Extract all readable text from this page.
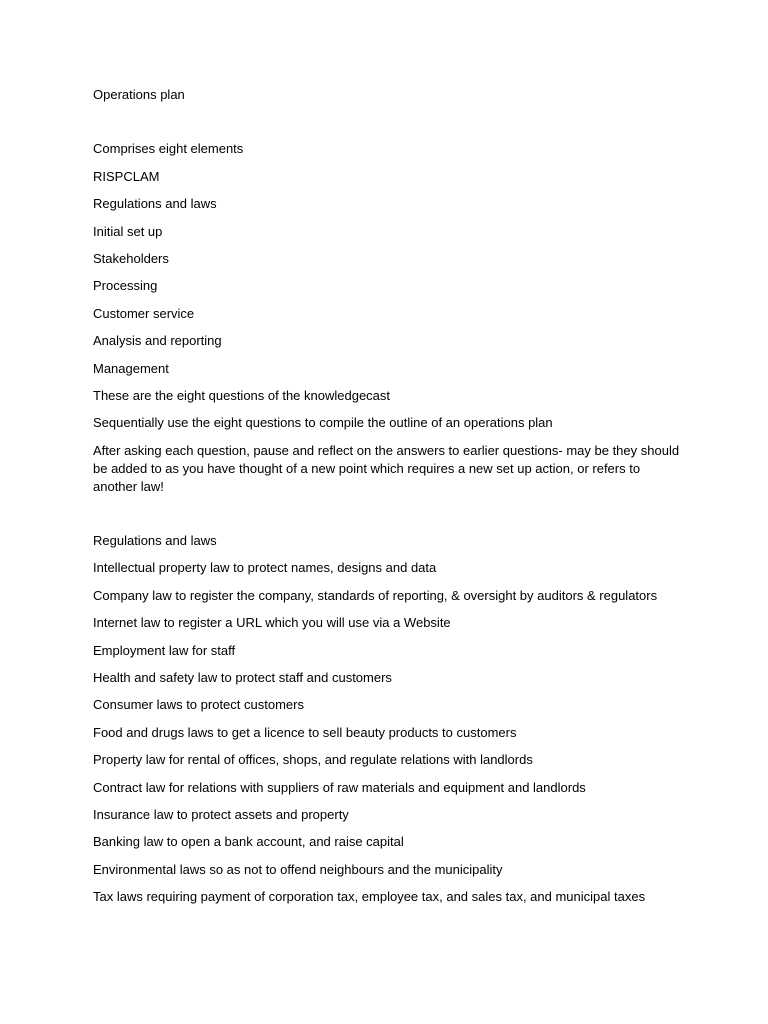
Operations plan
Comprises eight elements
RISPCLAM
Regulations and laws
Initial set up
Stakeholders
Processing
Customer service
Analysis and reporting
Management
These are the eight questions of the knowledgecast
Sequentially use the eight questions to compile the outline of an operations plan
After asking each question, pause and reflect on the answers to earlier questions- may be they should be added to as you have thought of a new point which requires a new set up action, or refers to another law!
Regulations and laws
Intellectual property law to protect names, designs and data
Company law to register the company, standards of reporting, & oversight by auditors & regulators
Internet law to register a URL which you will use via a Website
Employment law for staff
Health and safety law to protect staff and customers
Consumer laws to protect customers
Food and drugs laws to get a licence to sell beauty products to customers
Property law for rental of offices, shops, and regulate relations with landlords
Contract law for relations with suppliers of raw materials and equipment and landlords
Insurance law to protect assets and property
Banking law to open a bank account, and raise capital
Environmental laws so as not to offend neighbours and the municipality
Tax laws requiring payment of corporation tax, employee tax, and sales tax, and municipal taxes
